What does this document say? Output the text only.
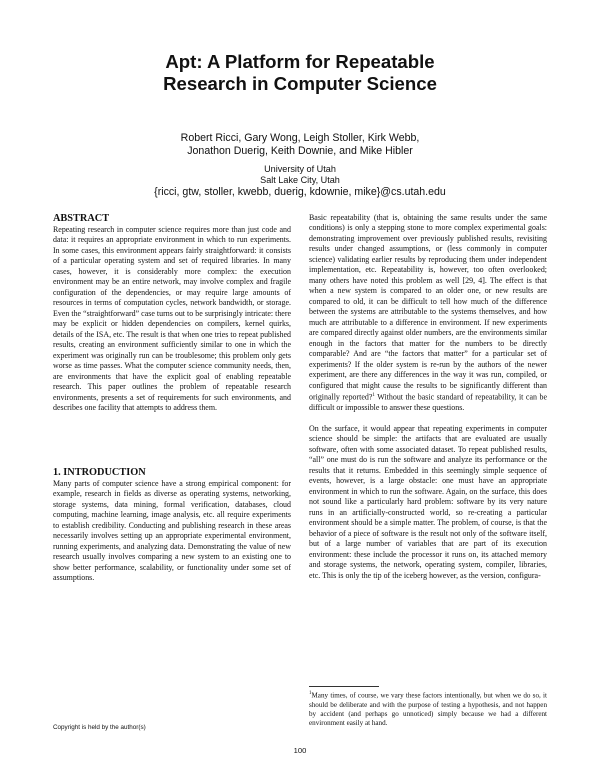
Apt: A Platform for Repeatable
Research in Computer Science
Robert Ricci, Gary Wong, Leigh Stoller, Kirk Webb,
Jonathon Duerig, Keith Downie, and Mike Hibler
University of Utah
Salt Lake City, Utah
{ricci, gtw, stoller, kwebb, duerig, kdownie, mike}@cs.utah.edu
ABSTRACT

Repeating research in computer science requires more than just code and data: it requires an appropriate environment in which to run experiments. In some cases, this environment appears fairly straightforward: it consists of a particular operating system and set of required libraries. In many cases, however, it is considerably more complex: the execution environment may be an entire network, may involve complex and fragile configuration of the dependencies, or may require large amounts of resources in terms of computation cycles, network bandwidth, or storage. Even the “straightforward” case turns out to be surprisingly intricate: there may be explicit or hidden dependencies on compilers, kernel quirks, details of the ISA, etc. The result is that when one tries to repeat published results, creating an environment sufficiently similar to one in which the experiment was originally run can be troublesome; this problem only gets worse as time passes. What the computer science community needs, then, are environments that have the explicit goal of enabling repeatable research. This paper outlines the problem of repeatable research environments, presents a set of requirements for such environments, and describes one facility that attempts to address them.

1. INTRODUCTION

Many parts of computer science have a strong empirical component: for example, research in fields as diverse as operating systems, networking, storage systems, data mining, formal verification, databases, cloud computing, machine learning, image analysis, etc. all require experiments to establish credibility. Conducting and publishing research in these areas necessarily involves setting up an appropriate experimental environment, running experiments, and analyzing data. Demonstrating the value of new research usually involves comparing a new system to an existing one to show better performance, scalability, or functionality under some set of assumptions.

Basic repeatability (that is, obtaining the same results under the same conditions) is only a stepping stone to more complex experimental goals: demonstrating improvement over previously published results, revisiting results under changed assumptions, or (less commonly in computer science) validating earlier results by reproducing them under independent implementation, etc. Repeatability is, however, too often overlooked; many others have noted this problem as well [29, 4]. The effect is that when a new system is compared to an older one, or new results are compared to old, it can be difficult to tell how much of the difference between the systems are attributable to the systems themselves, and how much are attributable to a difference in environment. If new experiments are compared directly against older numbers, are the environments similar enough in the factors that matter for the numbers to be directly comparable? And are “the factors that matter” for a particular set of experiments? If the older system is re-run by the authors of the newer experiment, are there any differences in the way it was run, compiled, or configured that might cause the results to be significantly different than originally reported?$^1$ Without the basic standard of repeatability, it can be difficult or impossible to answer these questions.

On the surface, it would appear that repeating experiments in computer science should be simple: the artifacts that are evaluated are usually software, often with some associated dataset. To repeat published results, “all” one must do is run the software and analyze its performance or the results that it returns. Embedded in this seemingly simple sequence of events, however, is a large obstacle: one must have an appropriate environment in which to run the software. Again, on the surface, this does not sound like a particularly hard problem: software by its very nature runs in an artificially-constructed world, so re-creating a particular environment should be a simple matter. The problem, of course, is that the behavior of a piece of software is the result not only of the software itself, but of a large number of variables that are part of its execution environment: these include the processor it runs on, its attached memory and storage systems, the network, operating system, compiler, libraries, etc. This is only the tip of the iceberg however, as the version, configura-

$^1$Many times, of course, we vary these factors intentionally, but when we do so, it should be deliberate and with the purpose of testing a hypothesis, and not happen by accident (and perhaps go unnoticed) simply because we had a different environment easily at hand.
Copyright is held by the author(s)
100
